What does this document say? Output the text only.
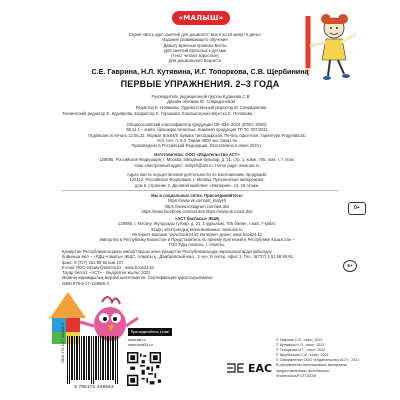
«МАЛЫШ»
Серия «Весь курс занятий для дошколят: всего за 15 минут в день»
Издание развивающего обучения
Давыгу Бренные правила Беглы
Для занятий взрослых с детьми
(текст читают взрослые)
Для дошкольного возраста
С.Е. Гаврина, Н.Л. Кутявина, И.Г. Топоркова, С.В. Щербинина
ПЕРВЫЕ УПРАЖНЕНИЯ. 2–3 ГОДА
Руководитель редакционной группы Кудинова С.В.
Дизайн обложки Ю. Спиридоновой
Редактор Е. Новикова. Художественный редактор М. Спиридонова
Технический редактор Е. Кудиярова. Корректор Е. Горшкова. Компьютерная вёрстка Е. Пеловова
Общероссийский классификатор продукции ОК–034–2014 (КПЕС 2008);
58.11.1 – книги, брошюры печатные. Книжная продукция ТР ТС 007/2011
Подписано в печать 12.05.21. Формат 60х84/8. Бумага типографская. Печать офсетная. Гарнитура PragmaticaC
Усл. печ. л. 9,3. Тираж 4000 экз. Заказ №
Произведено в Российской Федерации. Изготовлено в июне 2021 г.
Изготовитель: ООО «Издательство АСТ»
129085, Российская Федерация, г. Москва, Звёздный бульвар, д. 21, стр. 1, комн. 705, пом. I, 7 этаж.
Наш электронный адрес: malysh@ast.ru. Home page: www.ast.ru
0+
Адрес места осуществления деятельности по изготовлению продукции:
123112, Российская Федерация, г. Москва, Пресненская набережная,
дом 6, строение 2, Деловой комплекс «Империя», 14, 15 этажи.
Мы в социальных сетях. Присоединяйтесь!
https://www.vk.com/ast_malysh
https://www.instagram.com/ast.deti
https://www.facebook.com/ast.deti https://www.ok.ru/ast.deti
«АСТ баспасы» ЖШҚ
129085, г. Мәскеу, Жұлдызды гүлзар, д. 21, 1 құрылым, 705 бөлме, I жай, 7-қабат.
Біздің электрондық мекенжайымыз: www.ast.ru
Интернет-магазин: www.book24.kz Интернет-дүкен: www.book24.kz
Импортёр в Республику Казахстан и Представитель по приему претензий в Республике Казахстан –
ТОО РДЦ Алматы, г. Алматы.
Қазақстан Республикасындағы импорттаушы және Қазақстан Республикасында наразылықтарды қабылдау
бойынша өкіл – «РДЦ-Алматы» ЖШС, Алматы қ., Домбровский көш., 3 «а», Б литер, офис 1. Тел.: 8(727) 2 51 59 90,91,
факс: 8 (727) 251 59 92 ішкі 107.
E-mail: RDC-Almaty@eksmo.kz , www.book24.kz
Тауар белгісі: «АСТ» · Өндірілген жылы: 2021
Өнімнің жарамдылық мерзімі шектелмеген. Сертификация қарастырылмаған
ISBN 978-5-17-134866-3
6+
ISBN 978-5-17-134866-3
9 785171 348663
Присоединяйтесь к нам!
www.ast.ru
www.book24.ru
EAC
© Гаврина С.Е., текст, 2021
© Кутявина Н.Л., текст, 2021
© Топоркова И.Г., текст, 2021
© Щербинина С.В., текст, 2021
© Оформление ООО «Издательство АСТ», 2021
В оформлении использованы материалы
предоставленные фотобанком Shutterstock/FOTODOM
